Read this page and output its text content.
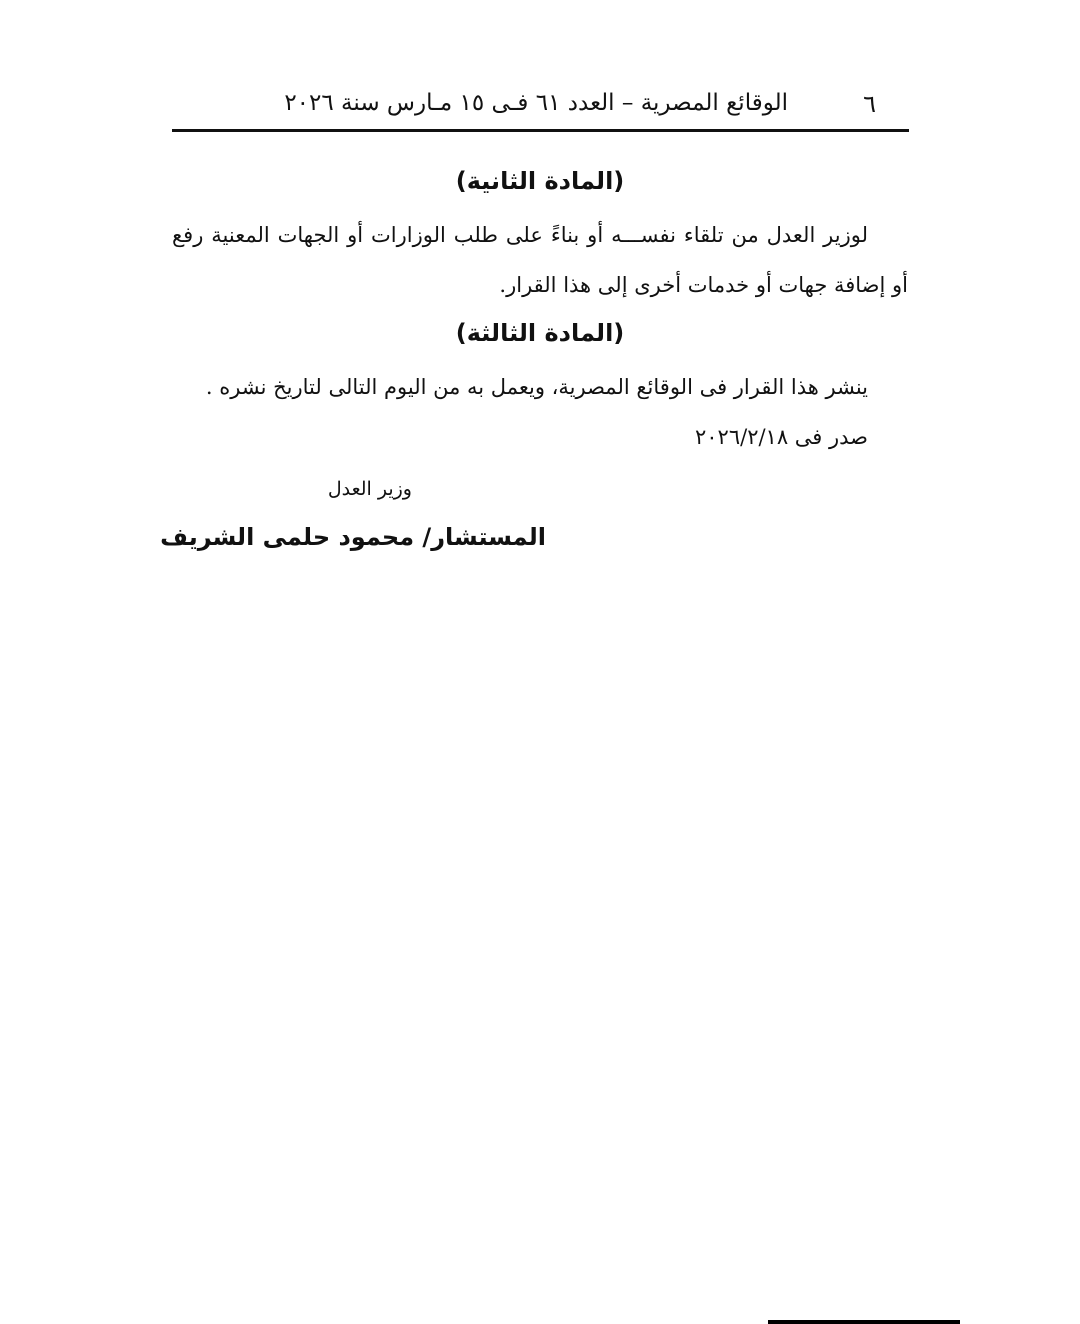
٦
الوقائع المصرية – العدد ٦١ فـى ١٥ مـارس سنة ٢٠٢٦
(المادة الثانية)
لوزير العدل من تلقاء نفســـه أو بناءً على طلب الوزارات أو الجهات المعنية رفع
أو إضافة جهات أو خدمات أخرى إلى هذا القرار.
(المادة الثالثة)
ينشر هذا القرار فى الوقائع المصرية، ويعمل به من اليوم التالى لتاريخ نشره .
صدر فى ٢٠٢٦/٢/١٨
وزير العدل
المستشار/ محمود حلمى الشريف
